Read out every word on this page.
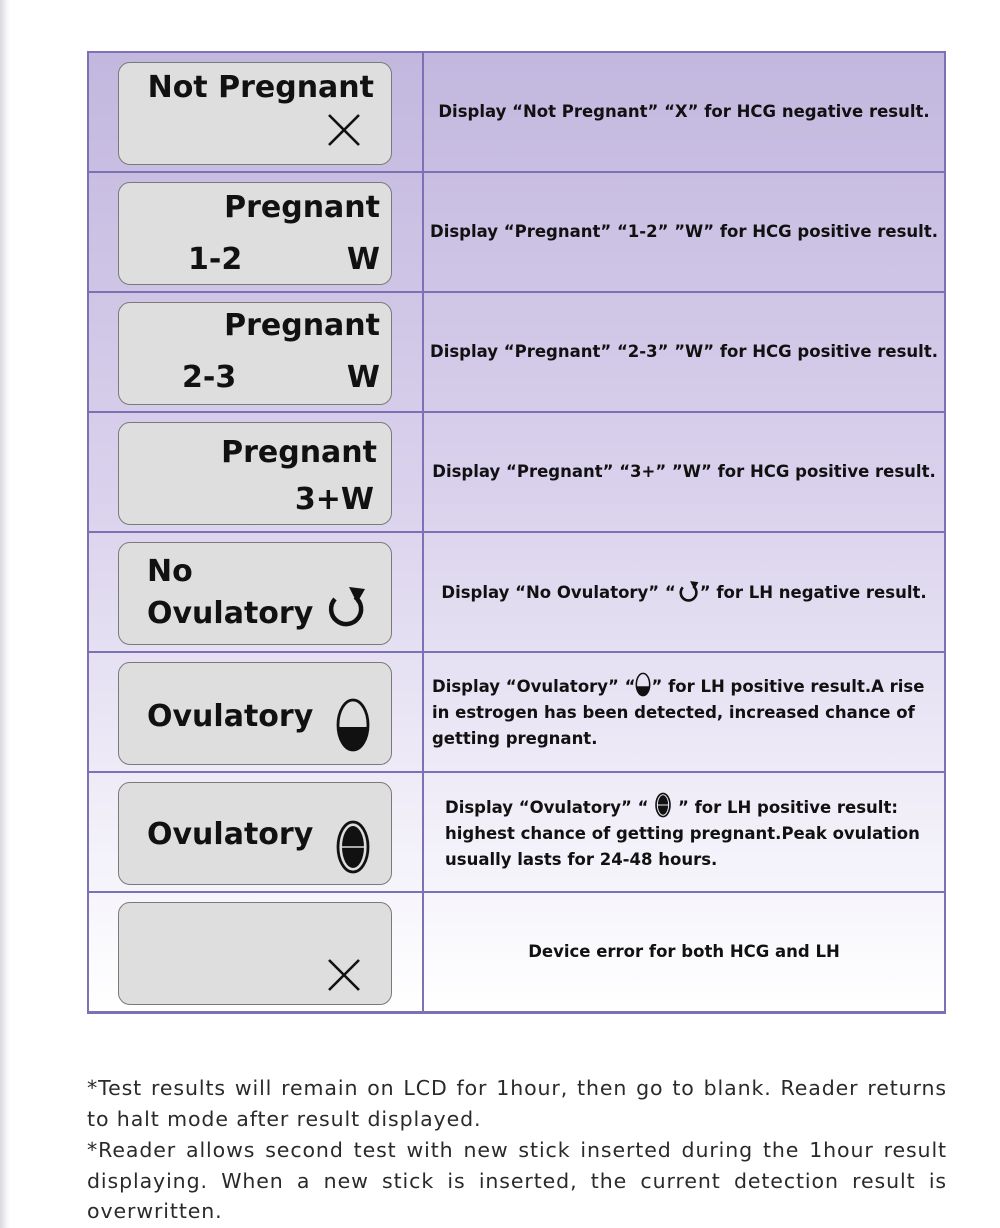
Not Pregnant
Display “Not Pregnant” “X” for HCG negative result.
Pregnant
1-2	W
Display “Pregnant” “1-2” ”W” for HCG positive result.
Pregnant
2-3	W
Display “Pregnant” “2-3” ”W” for HCG positive result.
Pregnant
3+W
Display “Pregnant” “3+” ”W” for HCG positive result.
No
Ovulatory
Display “No Ovulatory” “ ” for LH negative result.
Ovulatory
Display “Ovulatory” “ ” for LH positive result.A rise in estrogen has been detected, increased chance of getting pregnant.
Ovulatory
Display “Ovulatory” “  ” for LH positive result: highest chance of getting pregnant.Peak ovulation usually lasts for 24-48 hours.
Device error for both HCG and LH

*Test results will remain on LCD for 1hour, then go to blank. Reader returns to halt mode after result displayed.

*Reader allows second test with new stick inserted during the 1hour result displaying. When a new stick is inserted, the current detection result is overwritten.
